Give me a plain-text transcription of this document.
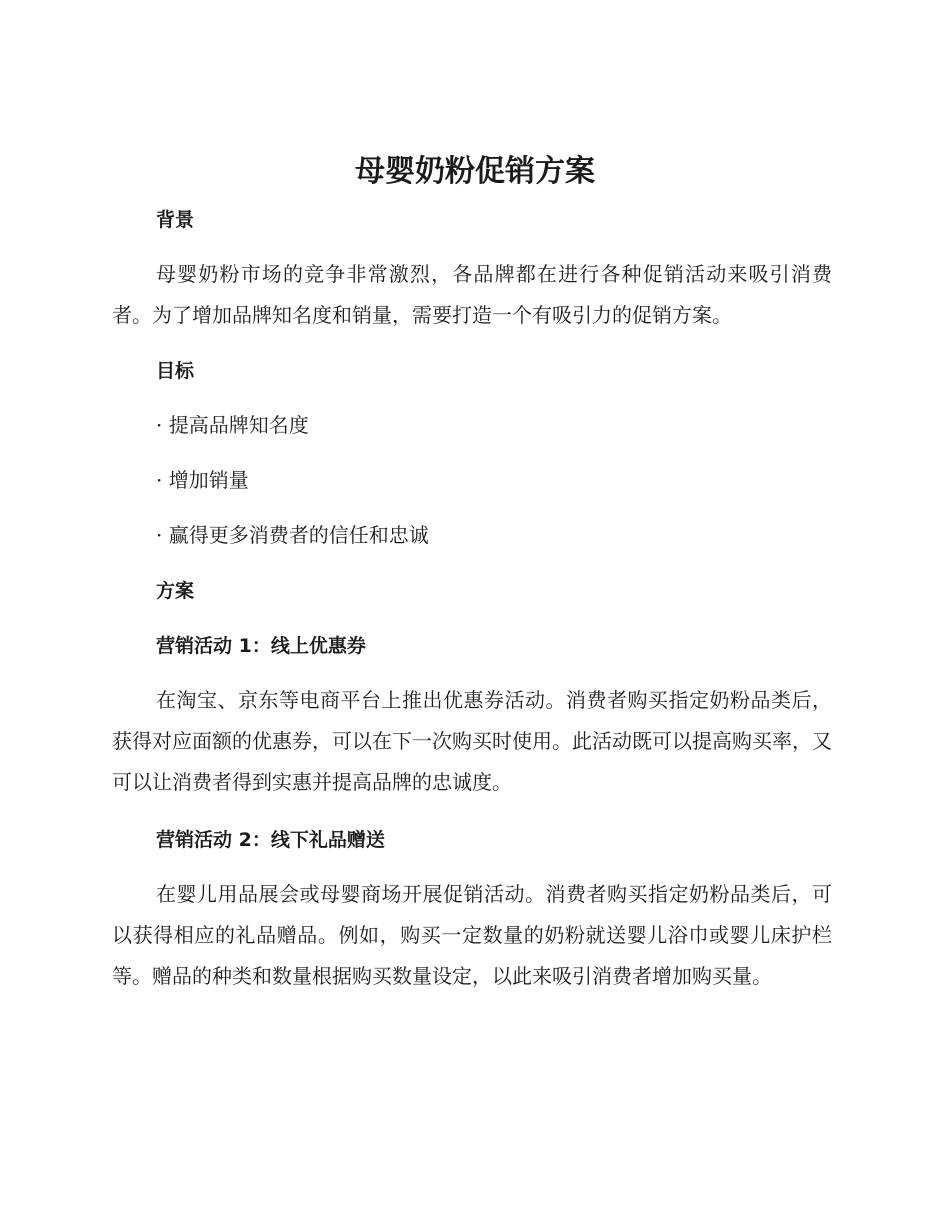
母婴奶粉促销方案
背景

母婴奶粉市场的竞争非常激烈，各品牌都在进行各种促销活动来吸引消费者。为了增加品牌知名度和销量，需要打造一个有吸引力的促销方案。

目标

· 提高品牌知名度

· 增加销量

· 赢得更多消费者的信任和忠诚

方案
营销活动 1：线上优惠券

在淘宝、京东等电商平台上推出优惠券活动。消费者购买指定奶粉品类后，获得对应面额的优惠券，可以在下一次购买时使用。此活动既可以提高购买率，又可以让消费者得到实惠并提高品牌的忠诚度。

营销活动 2：线下礼品赠送

在婴儿用品展会或母婴商场开展促销活动。消费者购买指定奶粉品类后，可以获得相应的礼品赠品。例如，购买一定数量的奶粉就送婴儿浴巾或婴儿床护栏等。赠品的种类和数量根据购买数量设定，以此来吸引消费者增加购买量。
